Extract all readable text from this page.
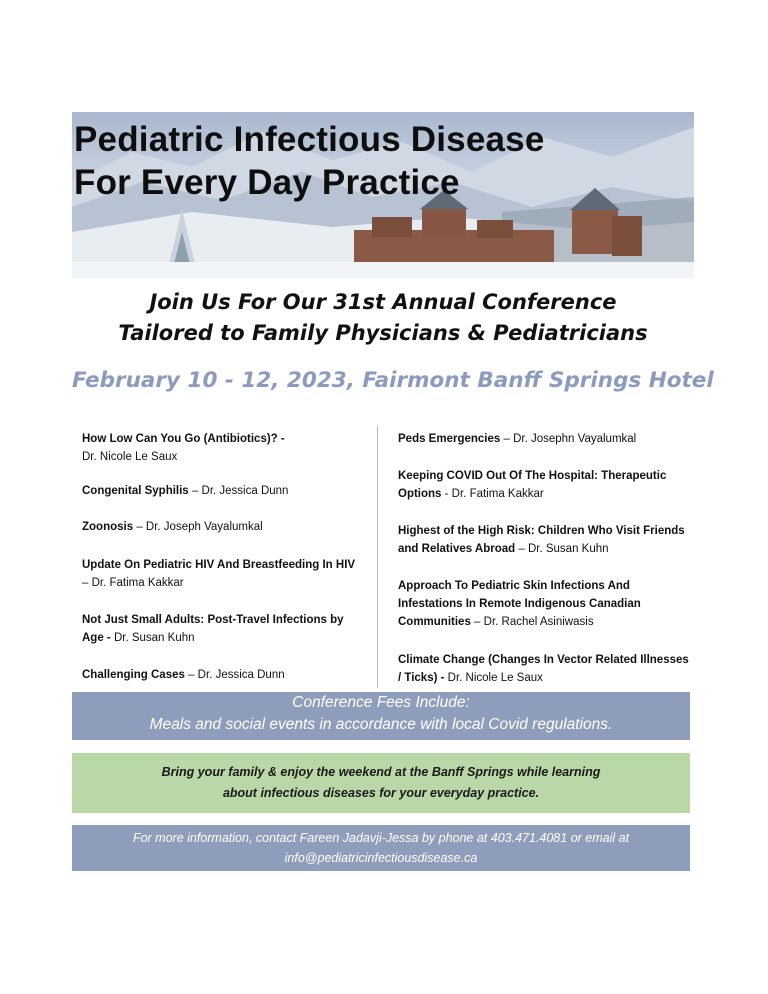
Pediatric Infectious Disease
For Every Day Practice
Join Us For Our 31st Annual Conference
Tailored to Family Physicians & Pediatricians

February 10 - 12, 2023, Fairmont Banff Springs Hotel

How Low Can You Go (Antibiotics)? -
Dr. Nicole Le Saux

Congenital Syphilis – Dr. Jessica Dunn

Zoonosis – Dr. Joseph Vayalumkal

Update On Pediatric HIV And Breastfeeding In HIV – Dr. Fatima Kakkar

Not Just Small Adults: Post-Travel Infections by Age - Dr. Susan Kuhn

Challenging Cases – Dr. Jessica Dunn

Peds Emergencies – Dr. Josephn Vayalumkal

Keeping COVID Out Of The Hospital: Therapeutic Options - Dr. Fatima Kakkar

Highest of the High Risk: Children Who Visit Friends and Relatives Abroad – Dr. Susan Kuhn

Approach To Pediatric Skin Infections And Infestations In Remote Indigenous Canadian Communities – Dr. Rachel Asiniwasis

Climate Change (Changes In Vector Related Illnesses / Ticks) - Dr. Nicole Le Saux

Conference Fees Include:
Meals and social events in accordance with local Covid regulations.
Bring your family & enjoy the weekend at the Banff Springs while learning
about infectious diseases for your everyday practice.
For more information, contact Fareen Jadavji-Jessa by phone at 403.471.4081 or email at
info@pediatricinfectiousdisease.ca
